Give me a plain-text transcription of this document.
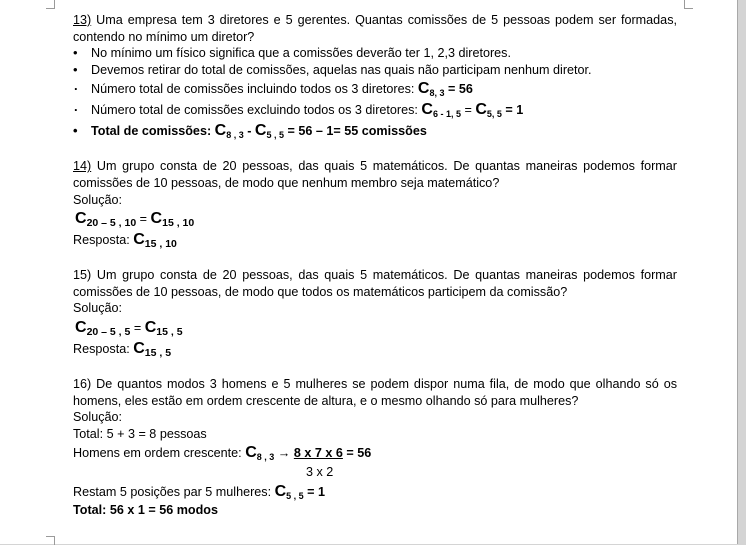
13) Uma empresa tem 3 diretores e 5 gerentes. Quantas comissões de 5 pessoas podem ser formadas, contendo no mínimo um diretor?

• No mínimo um físico significa que a comissões deverão ter 1, 2,3 diretores.
• Devemos retirar do total de comissões, aquelas nas quais não participam nenhum diretor.
. Número total de comissões incluindo todos os 3 diretores: $C_{8, 3} = 56$
. Número total de comissões excluindo todos os 3 diretores: $C_{6 - 1, 5} = C_{5, 5} = 1$
• Total de comissões: $C_{8 , 3} - C_{5 , 5} = 56 - 1= 55$ comissões

14) Um grupo consta de 20 pessoas, das quais 5 matemáticos. De quantas maneiras podemos formar comissões de 10 pessoas, de modo que nenhum membro seja matemático?

Solução:

$C_{20 - 5 , 10} = C_{15 , 10}$

Resposta: $C_{15 , 10}$

15) Um grupo consta de 20 pessoas, das quais 5 matemáticos. De quantas maneiras podemos formar comissões de 10 pessoas, de modo que todos os matemáticos participem da comissão?

Solução:

$C_{20 - 5 , 5} = C_{15 , 5}$

Resposta: $C_{15 , 5}$

16) De quantos modos 3 homens e 5 mulheres se podem dispor numa fila, de modo que olhando só os homens, eles estão em ordem crescente de altura, e o mesmo olhando só para mulheres?

Solução:

Total: 5 + 3 = 8 pessoas

Homens em ordem crescente: $C_{8 , 3} \to 8$ x 7 x 6 = 56

3 x 2

Restam 5 posições par 5 mulheres: $C_{5 , 5} = 1$

Total: 56 x 1 = 56 modos
